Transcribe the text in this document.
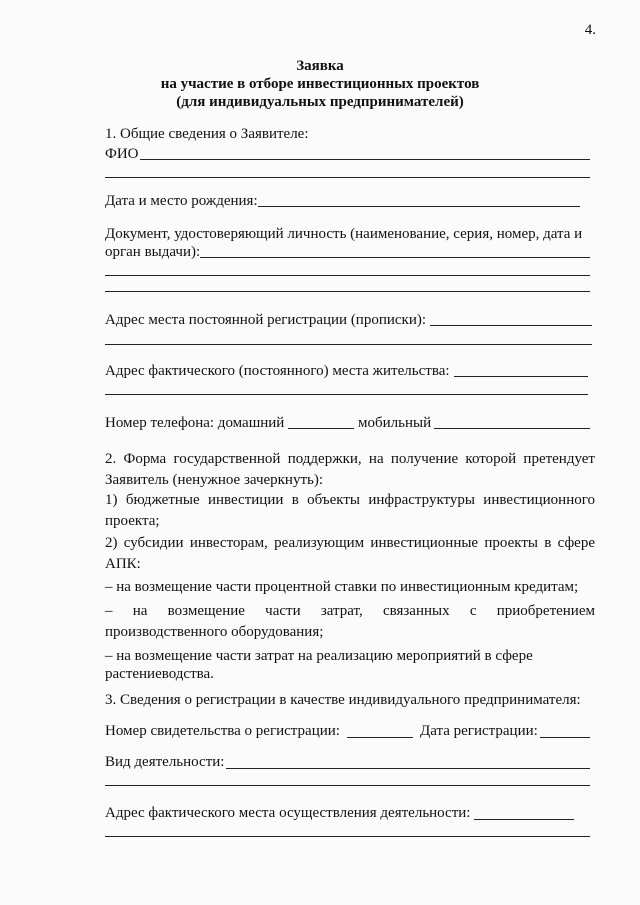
4.
Заявка
на участие в отборе инвестиционных проектов
(для индивидуальных предпринимателей)
1. Общие сведения о Заявителе:
ФИО
Дата и место рождения:
Документ, удостоверяющий личность (наименование, серия, номер, дата и
орган выдачи):
Адрес места постоянной регистрации (прописки):
Адрес фактического (постоянного) места жительства:
Номер телефона: домашний	мобильный
2. Форма государственной поддержки, на получение которой претендует Заявитель (ненужное зачеркнуть):
1) бюджетные инвестиции в объекты инфраструктуры инвестиционного проекта;
2) субсидии инвесторам, реализующим инвестиционные проекты в сфере АПК:
– на возмещение части процентной ставки по инвестиционным кредитам;
– на возмещение части затрат, связанных с приобретением производственного оборудования;
– на возмещение части затрат на реализацию мероприятий в сфере
растениеводства.
3. Сведения о регистрации в качестве индивидуального предпринимателя:
Номер свидетельства о регистрации:	Дата регистрации:
Вид деятельности:
Адрес фактического места осуществления деятельности:
